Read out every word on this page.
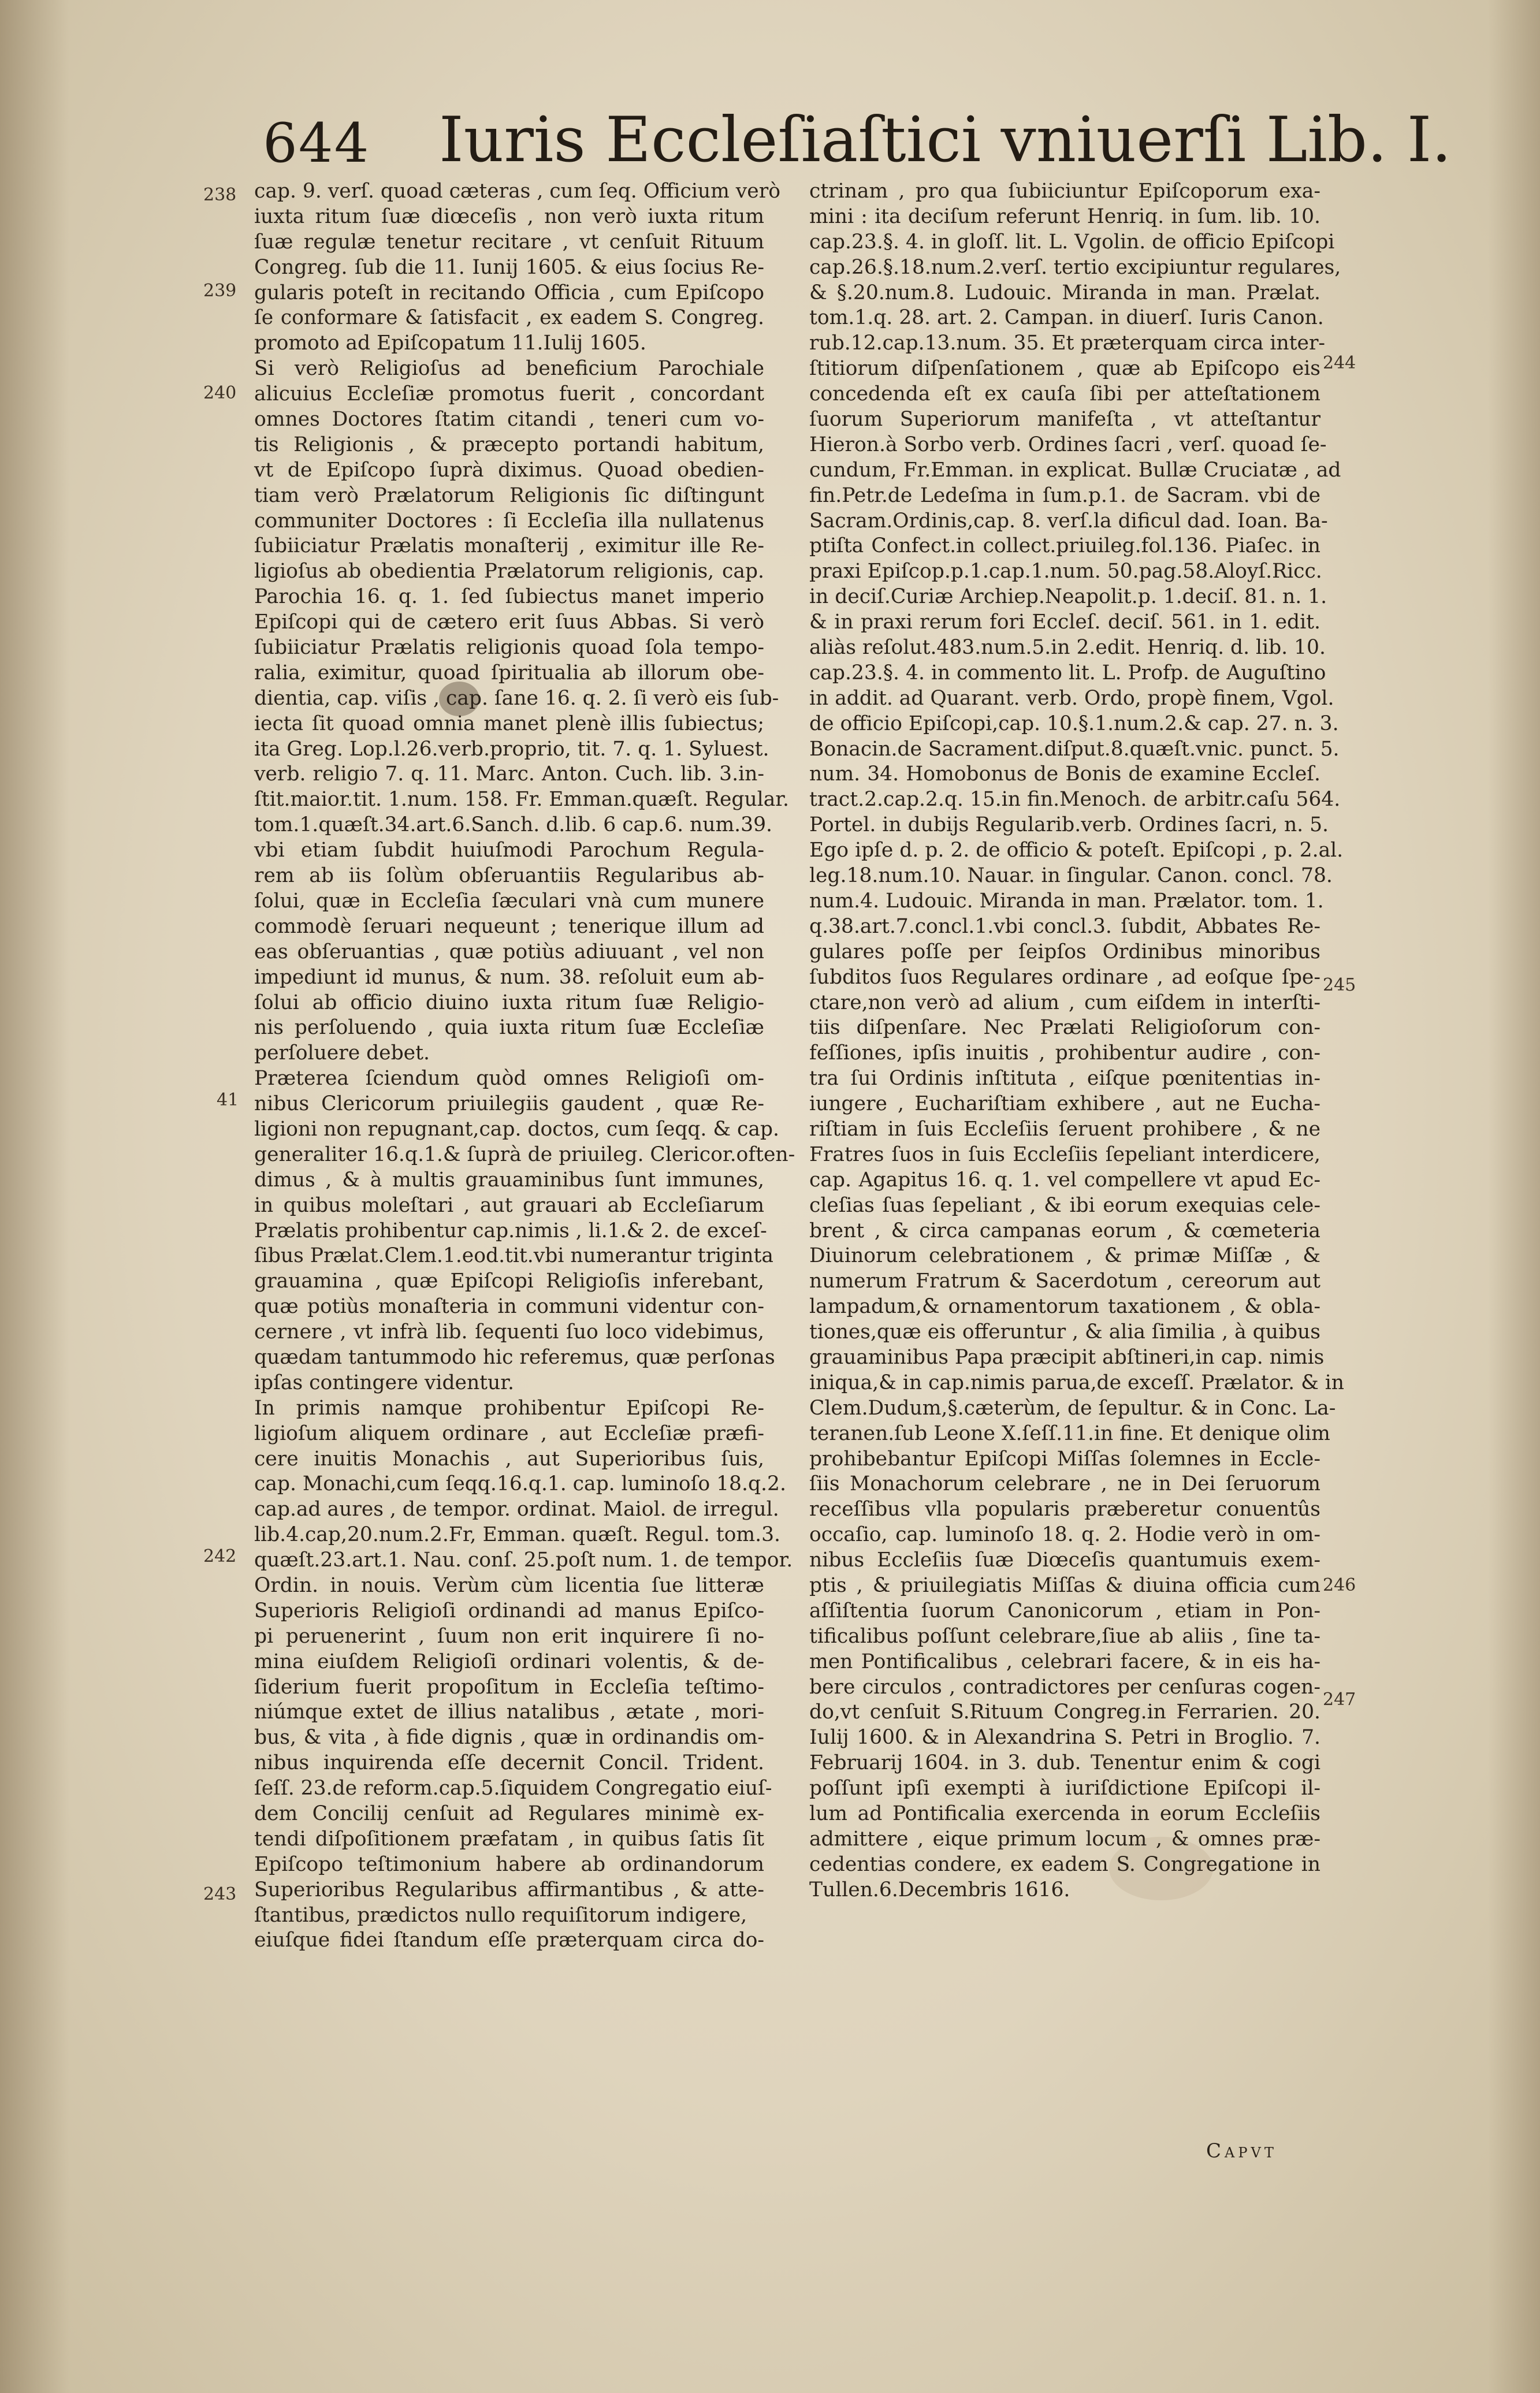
644 Iuris Eccleſiaſtici vniuerſi Lib. I.
238
239
240
41
242
243
244
245
246
247
cap. 9. verſ. quoad cæteras , cum ſeq. Officium verò
iuxta ritum ſuæ diœceſis , non verò iuxta ritum
ſuæ regulæ tenetur recitare , vt cenſuit Rituum
Congreg. ſub die 11. Iunij 1605. & eius ſocius Re-
gularis poteſt in recitando Officia , cum Epiſcopo
ſe conformare & ſatisfacit , ex eadem S. Congreg.
promoto ad Epiſcopatum 11.Iulij 1605.
Si verò Religioſus ad beneficium Parochiale
alicuius Eccleſiæ promotus fuerit , concordant
omnes Doctores ſtatim citandi , teneri cum vo-
tis Religionis , & præcepto portandi habitum,
vt de Epiſcopo ſuprà diximus. Quoad obedien-
tiam verò Prælatorum Religionis ſic diſtingunt
communiter Doctores : ſi Eccleſia illa nullatenus
ſubiiciatur Prælatis monaſterij , eximitur ille Re-
ligioſus ab obedientia Prælatorum religionis, cap.
Parochia 16. q. 1. ſed ſubiectus manet imperio
Epiſcopi qui de cætero erit ſuus Abbas. Si verò
ſubiiciatur Prælatis religionis quoad ſola tempo-
ralia, eximitur, quoad ſpiritualia ab illorum obe-
dientia, cap. viſis , cap. ſane 16. q. 2. ſi verò eis ſub-
iecta ſit quoad omnia manet plenè illis ſubiectus;
ita Greg. Lop.l.26.verb.proprio, tit. 7. q. 1. Syluest.
verb. religio 7. q. 11. Marc. Anton. Cuch. lib. 3.in-
ſtit.maior.tit. 1.num. 158. Fr. Emman.quæſt. Regular.
tom.1.quæſt.34.art.6.Sanch. d.lib. 6 cap.6. num.39.
vbi etiam ſubdit huiuſmodi Parochum Regula-
rem ab iis ſolùm obſeruantiis Regularibus ab-
ſolui, quæ in Eccleſia ſæculari vnà cum munere
commodè ſeruari nequeunt ; tenerique illum ad
eas obſeruantias , quæ potiùs adiuuant , vel non
impediunt id munus, & num. 38. reſoluit eum ab-
ſolui ab officio diuino iuxta ritum ſuæ Religio-
nis perſoluendo , quia iuxta ritum ſuæ Eccleſiæ
perſoluere debet.
Præterea ſciendum quòd omnes Religioſi om-
nibus Clericorum priuilegiis gaudent , quæ Re-
ligioni non repugnant,cap. doctos, cum ſeqq. & cap.
generaliter 16.q.1.& ſuprà de priuileg. Clericor.often-
dimus , & à multis grauaminibus ſunt immunes,
in quibus moleſtari , aut grauari ab Eccleſiarum
Prælatis prohibentur cap.nimis , li.1.& 2. de exceſ-
ſibus Prælat.Clem.1.eod.tit.vbi numerantur triginta
grauamina , quæ Epiſcopi Religioſis inferebant,
quæ potiùs monaſteria in communi videntur con-
cernere , vt infrà lib. ſequenti ſuo loco videbimus,
quædam tantummodo hic referemus, quæ perſonas
ipſas contingere videntur.
In primis namque prohibentur Epiſcopi Re-
ligioſum aliquem ordinare , aut Eccleſiæ præfi-
cere inuitis Monachis , aut Superioribus ſuis,
cap. Monachi,cum ſeqq.16.q.1. cap. luminoſo 18.q.2.
cap.ad aures , de tempor. ordinat. Maiol. de irregul.
lib.4.cap,20.num.2.Fr, Emman. quæſt. Regul. tom.3.
quæſt.23.art.1. Nau. conſ. 25.poſt num. 1. de tempor.
Ordin. in nouis. Verùm cùm licentia ſue litteræ
Superioris Religioſi ordinandi ad manus Epiſco-
pi peruenerint , ſuum non erit inquirere ſi no-
mina eiuſdem Religioſi ordinari volentis, & de-
ſiderium fuerit propoſitum in Eccleſia teſtimo-
niúmque extet de illius natalibus , ætate , mori-
bus, & vita , à fide dignis , quæ in ordinandis om-
nibus inquirenda eſſe decernit Concil. Trident.
ſeſſ. 23.de reform.cap.5.ſiquidem Congregatio eiuſ-
dem Concilij cenſuit ad Regulares minimè ex-
tendi diſpoſitionem præfatam , in quibus ſatis ſit
Epiſcopo teſtimonium habere ab ordinandorum
Superioribus Regularibus affirmantibus , & atte-
ſtantibus, prædictos nullo requiſitorum indigere,
eiuſque fidei ſtandum eſſe præterquam circa do-
ctrinam , pro qua ſubiiciuntur Epiſcoporum exa-
mini : ita deciſum referunt Henriq. in ſum. lib. 10.
cap.23.§. 4. in gloſſ. lit. L. Vgolin. de officio Epiſcopi
cap.26.§.18.num.2.verſ. tertio excipiuntur regulares,
& §.20.num.8. Ludouic. Miranda in man. Prælat.
tom.1.q. 28. art. 2. Campan. in diuerſ. Iuris Canon.
rub.12.cap.13.num. 35. Et præterquam circa inter-
ſtitiorum diſpenſationem , quæ ab Epiſcopo eis
concedenda eſt ex cauſa ſibi per atteſtationem
ſuorum Superiorum manifeſta , vt atteſtantur
Hieron.à Sorbo verb. Ordines ſacri , verſ. quoad ſe-
cundum, Fr.Emman. in explicat. Bullæ Cruciatæ , ad
fin.Petr.de Ledeſma in ſum.p.1. de Sacram. vbi de
Sacram.Ordinis,cap. 8. verſ.la dificul dad. Ioan. Ba-
ptiſta Confect.in collect.priuileg.fol.136. Piaſec. in
praxi Epiſcop.p.1.cap.1.num. 50.pag.58.Aloyſ.Ricc.
in deciſ.Curiæ Archiep.Neapolit.p. 1.deciſ. 81. n. 1.
& in praxi rerum fori Eccleſ. deciſ. 561. in 1. edit.
aliàs reſolut.483.num.5.in 2.edit. Henriq. d. lib. 10.
cap.23.§. 4. in commento lit. L. Profp. de Auguſtino
in addit. ad Quarant. verb. Ordo, propè finem, Vgol.
de officio Epiſcopi,cap. 10.§.1.num.2.& cap. 27. n. 3.
Bonacin.de Sacrament.diſput.8.quæſt.vnic. punct. 5.
num. 34. Homobonus de Bonis de examine Eccleſ.
tract.2.cap.2.q. 15.in fin.Menoch. de arbitr.caſu 564.
Portel. in dubijs Regularib.verb. Ordines ſacri, n. 5.
Ego ipſe d. p. 2. de officio & poteſt. Epiſcopi , p. 2.al.
leg.18.num.10. Nauar. in ſingular. Canon. concl. 78.
num.4. Ludouic. Miranda in man. Prælator. tom. 1.
q.38.art.7.concl.1.vbi concl.3. ſubdit, Abbates Re-
gulares poſſe per ſeipſos Ordinibus minoribus
ſubditos ſuos Regulares ordinare , ad eoſque ſpe-
ctare,non verò ad alium , cum eiſdem in interſti-
tiis diſpenſare. Nec Prælati Religioſorum con-
feſſiones, ipſis inuitis , prohibentur audire , con-
tra ſui Ordinis inſtituta , eiſque pœnitentias in-
iungere , Euchariſtiam exhibere , aut ne Eucha-
riſtiam in ſuis Eccleſiis ſeruent prohibere , & ne
Fratres ſuos in ſuis Eccleſiis ſepeliant interdicere,
cap. Agapitus 16. q. 1. vel compellere vt apud Ec-
cleſias ſuas ſepeliant , & ibi eorum exequias cele-
brent , & circa campanas eorum , & cœmeteria
Diuinorum celebrationem , & primæ Miſſæ , &
numerum Fratrum & Sacerdotum , cereorum aut
lampadum,& ornamentorum taxationem , & obla-
tiones,quæ eis offeruntur , & alia ſimilia , à quibus
grauaminibus Papa præcipit abſtineri,in cap. nimis
iniqua,& in cap.nimis parua,de exceſſ. Prælator. & in
Clem.Dudum,§.cæterùm, de ſepultur. & in Conc. La-
teranen.ſub Leone X.ſeſſ.11.in fine. Et denique olim
prohibebantur Epiſcopi Miſſas ſolemnes in Eccle-
ſiis Monachorum celebrare , ne in Dei ſeruorum
receſſibus vlla popularis præberetur conuentûs
occaſio, cap. luminoſo 18. q. 2. Hodie verò in om-
nibus Eccleſiis ſuæ Diœceſis quantumuis exem-
ptis , & priuilegiatis Miſſas & diuina officia cum
aſſiſtentia ſuorum Canonicorum , etiam in Pon-
tificalibus poſſunt celebrare,ſiue ab aliis , ſine ta-
men Pontificalibus , celebrari facere, & in eis ha-
bere circulos , contradictores per cenſuras cogen-
do,vt cenſuit S.Rituum Congreg.in Ferrarien. 20.
Iulij 1600. & in Alexandrina S. Petri in Broglio. 7.
Februarij 1604. in 3. dub. Tenentur enim & cogi
poſſunt ipſi exempti à iuriſdictione Epiſcopi il-
lum ad Pontificalia exercenda in eorum Eccleſiis
admittere , eique primum locum , & omnes præ-
cedentias condere, ex eadem S. Congregatione in
Tullen.6.Decembris 1616.
Capvt
